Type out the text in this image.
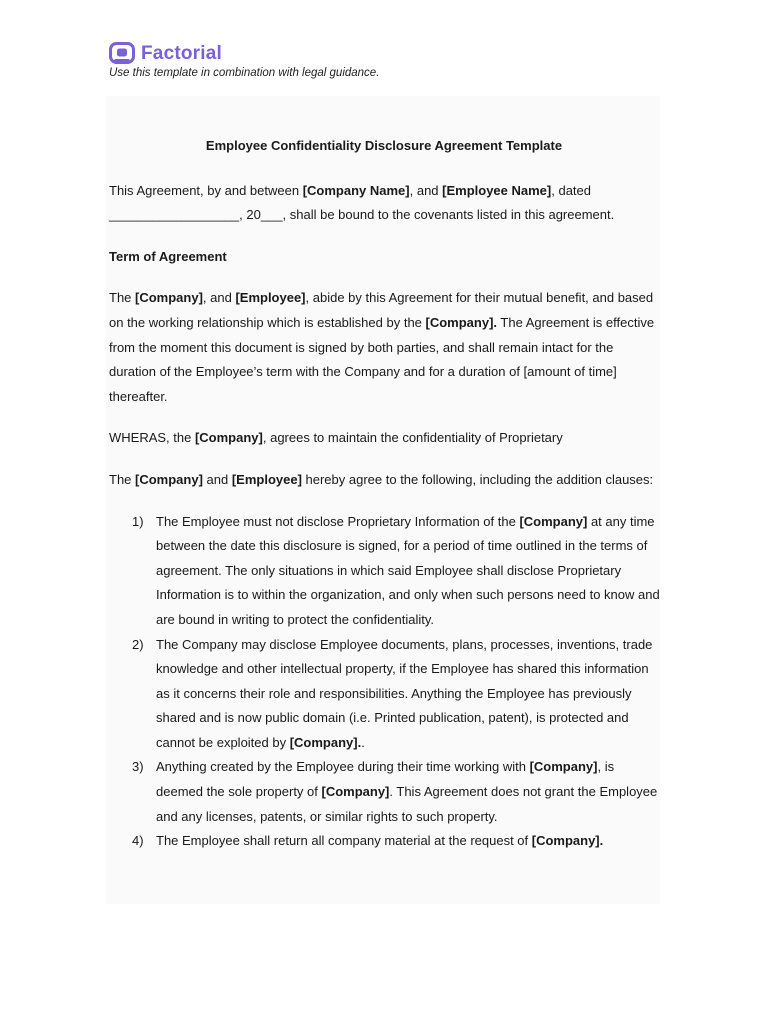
Factorial
Use this template in combination with legal guidance.

Employee Confidentiality Disclosure Agreement Template

This Agreement, by and between [Company Name], and [Employee Name], dated
__________________, 20___, shall be bound to the covenants listed in this agreement.

Term of Agreement

The [Company], and [Employee], abide by this Agreement for their mutual benefit, and based on the working relationship which is established by the [Company]. The Agreement is effective from the moment this document is signed by both parties, and shall remain intact for the duration of the Employee’s term with the Company and for a duration of [amount of time] thereafter.

WHERAS, the [Company], agrees to maintain the confidentiality of Proprietary

The [Company] and [Employee] hereby agree to the following, including the addition clauses:

1) The Employee must not disclose Proprietary Information of the [Company] at any time between the date this disclosure is signed, for a period of time outlined in the terms of agreement. The only situations in which said Employee shall disclose Proprietary Information is to within the organization, and only when such persons need to know and are bound in writing to protect the confidentiality.
2) The Company may disclose Employee documents, plans, processes, inventions, trade knowledge and other intellectual property, if the Employee has shared this information as it concerns their role and responsibilities. Anything the Employee has previously shared and is now public domain (i.e. Printed publication, patent), is protected and cannot be exploited by [Company]..
3) Anything created by the Employee during their time working with [Company], is deemed the sole property of [Company]. This Agreement does not grant the Employee and any licenses, patents, or similar rights to such property.
4) The Employee shall return all company material at the request of [Company].
